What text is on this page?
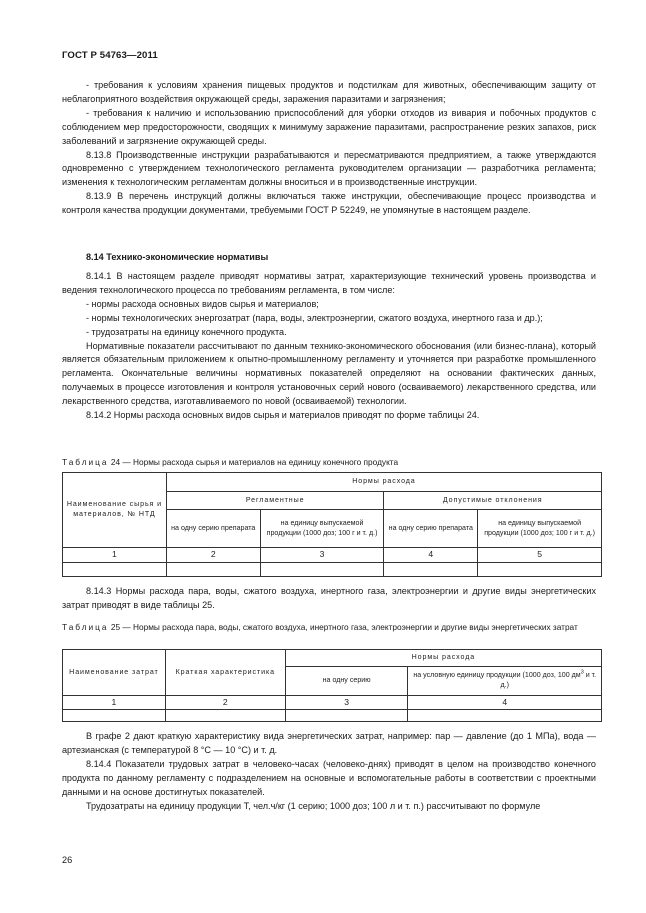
ГОСТ Р 54763—2011

- требования к условиям хранения пищевых продуктов и подстилкам для животных, обеспечивающим защиту от неблагоприятного воздействия окружающей среды, заражения паразитами и загрязнения;

- требования к наличию и использованию приспособлений для уборки отходов из вивария и побочных продуктов с соблюдением мер предосторожности, сводящих к минимуму заражение паразитами, распространение резких запахов, риск заболеваний и загрязнение окружающей среды.

8.13.8 Производственные инструкции разрабатываются и пересматриваются предприятием, а также утверждаются одновременно с утверждением технологического регламента руководителем организации — разработчика регламента; изменения к технологическим регламентам должны вноситься и в производственные инструкции.

8.13.9 В перечень инструкций должны включаться также инструкции, обеспечивающие процесс производства и контроля качества продукции документами, требуемыми ГОСТ Р 52249, не упомянутые в настоящем разделе.

8.14 Технико-экономические нормативы

8.14.1 В настоящем разделе приводят нормативы затрат, характеризующие технический уровень производства и ведения технологического процесса по требованиям регламента, в том числе:

- нормы расхода основных видов сырья и материалов;

- нормы технологических энергозатрат (пара, воды, электроэнергии, сжатого воздуха, инертного газа и др.);

- трудозатраты на единицу конечного продукта.

Нормативные показатели рассчитывают по данным технико-экономического обоснования (или бизнес-плана), который является обязательным приложением к опытно-промышленному регламенту и уточняется при разработке промышленного регламента. Окончательные величины нормативных показателей определяют на основании фактических данных, получаемых в процессе изготовления и контроля установочных серий нового (осваиваемого) лекарственного средства, или лекарственного средства, изготавливаемого по новой (осваиваемой) технологии.

8.14.2 Нормы расхода основных видов сырья и материалов приводят по форме таблицы 24.

Таблица 24 — Нормы расхода сырья и материалов на единицу конечного продукта
Наименование сырья и материалов, № НТД	Нормы расхода			
	Регламентные		Допустимые отклонения	
	на одну серию препарата	на единицу выпускаемой продукции (1000 доз; 100 г и т. д.)	на одну серию препарата	на единицу выпускаемой продукции (1000 доз; 100 г и т. д.)
1	2	3	4	5

8.14.3 Нормы расхода пара, воды, сжатого воздуха, инертного газа, электроэнергии и другие виды энергетических затрат приводят в виде таблицы 25.

Таблица 25 — Нормы расхода пара, воды, сжатого воздуха, инертного газа, электроэнергии и другие виды энергетических затрат
Наименование затрат	Краткая характеристика	Нормы расхода	
		на одну серию	на условную единицу продукции (1000 доз, 100 $дм^3$ и т. д.)
1	2	3	4

В графе 2 дают краткую характеристику вида энергетических затрат, например: пар — давление (до 1 МПа), вода — артезианская (с температурой 8 °С — 10 °С) и т. д.

8.14.4 Показатели трудовых затрат в человеко-часах (человеко-днях) приводят в целом на производство конечного продукта по данному регламенту с подразделением на основные и вспомогательные работы в соответствии с проектными данными и на основе достигнутых показателей.

Трудозатраты на единицу продукции Т, чел.ч/кг (1 серию; 1000 доз; 100 л и т. п.) рассчитывают по формуле

26
